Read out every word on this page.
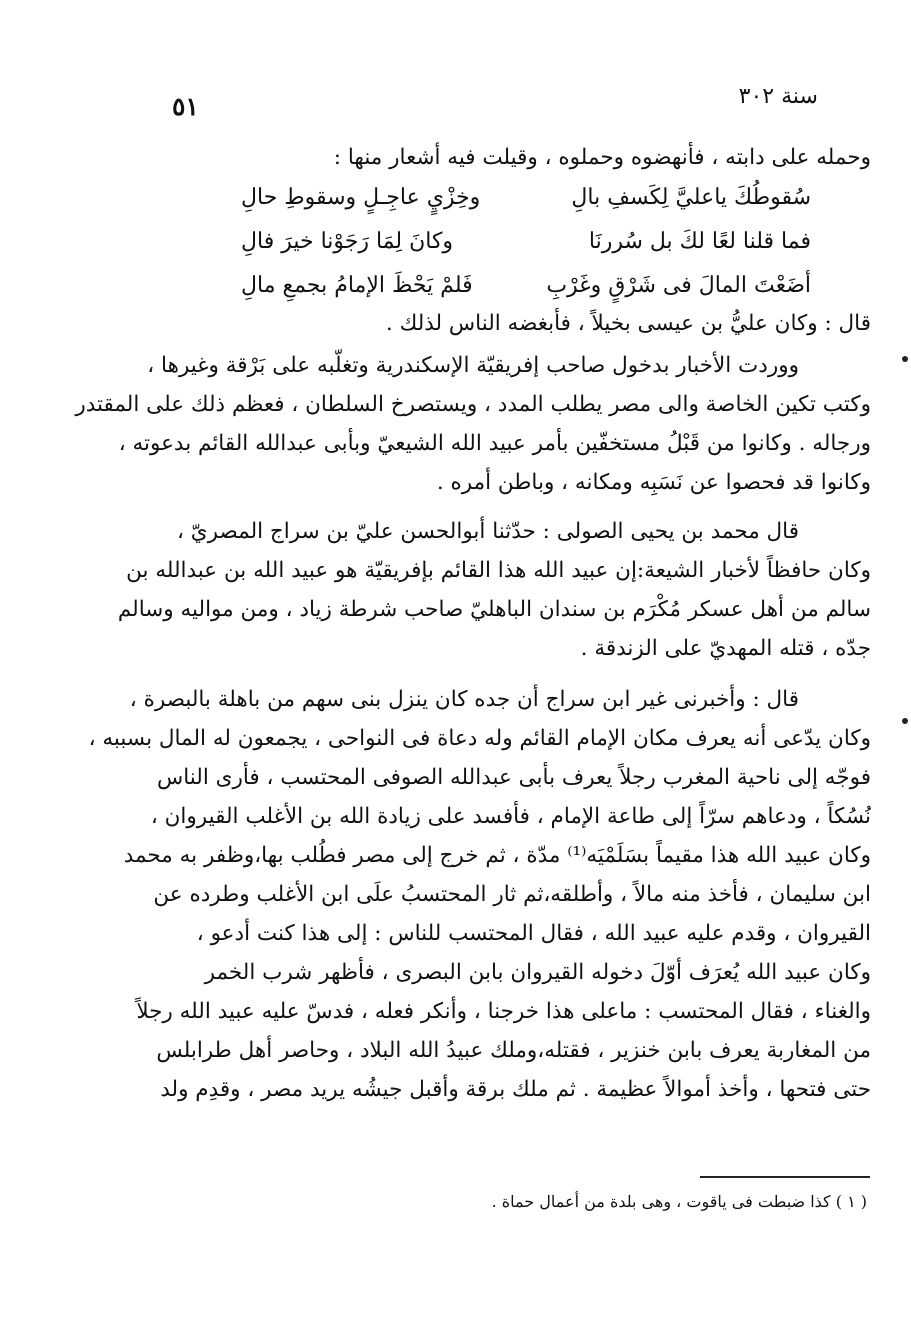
سنة ٣٠٢
٥١
وحمله على دابته ، فأنهضوه وحملوه ، وقيلت فيه أشعار منها :
سُقوطُكَ ياعليَّ لِكَسفِ بالِ
وخِزْيٍ عاجِـلٍ وسقوطِ حالِ
فما قلنا لعًا لكَ بل سُررنَا
وكانَ لِمَا رَجَوْنا خيرَ فالِ
أضَعْتَ المالَ فى شَرْقٍ وغَرْبِ
فَلمْ يَحْظَ الإمامُ بجمعِ مالِ
قال : وكان عليُّ بن عيسى بخيلاً ، فأبغضه الناس لذلك .
ووردت الأخبار بدخول صاحب إفريقيّة الإسكندرية وتغلّبه على بَرْقة وغيرها ،
وكتب تكين الخاصة والى مصر يطلب المدد ، ويستصرخ السلطان ، فعظم ذلك على المقتدر
ورجاله . وكانوا من قَبْلُ مستخفّين بأمر عبيد الله الشيعيّ وبأبى عبدالله القائم بدعوته ،
وكانوا قد فحصوا عن نَسَبِه ومكانه ، وباطن أمره .
قال محمد بن يحيى الصولى : حدّثنا أبوالحسن عليّ بن سراج المصريّ ،
وكان حافظاً لأخبار الشيعة:إن عبيد الله هذا القائم بإفريقيّة هو عبيد الله بن عبدالله بن
سالم من أهل عسكر مُكْرَم بن سندان الباهليّ صاحب شرطة زياد ، ومن مواليه وسالم
جدّه ، قتله المهديّ على الزندقة .
قال : وأخبرنى غير ابن سراج أن جده كان ينزل بنى سهم من باهلة بالبصرة ،
وكان يدّعى أنه يعرف مكان الإمام القائم وله دعاة فى النواحى ، يجمعون له المال بسببه ،
فوجّه إلى ناحية المغرب رجلاً يعرف بأبى عبدالله الصوفى المحتسب ، فأرى الناس
نُسُكاً ، ودعاهم سرّاً إلى طاعة الإمام ، فأفسد على زيادة الله بن الأغلب القيروان ،
وكان عبيد الله هذا مقيماً بسَلَمْيَه⁽¹⁾ مدّة ، ثم خرج إلى مصر فطُلب بها،وظفر به محمد
ابن سليمان ، فأخذ منه مالاً ، وأطلقه،ثم ثار المحتسبُ علَى ابن الأغلب وطرده عن
القيروان ، وقدم عليه عبيد الله ، فقال المحتسب للناس : إلى هذا كنت أدعو ،
وكان عبيد الله يُعرَف أوّلَ دخوله القيروان بابن البصرى ، فأظهر شرب الخمر
والغناء ، فقال المحتسب : ماعلى هذا خرجنا ، وأنكر فعله ، فدسّ عليه عبيد الله رجلاً
من المغاربة يعرف بابن خنزير ، فقتله،وملك عبيدُ الله البلاد ، وحاصر أهل طرابلس
حتى فتحها ، وأخذ أموالاً عظيمة . ثم ملك برقة وأقبل جيشُه يريد مصر ، وقدِم ولد
( ١ ) كذا ضبطت فى ياقوت ، وهى بلدة من أعمال حماة .
